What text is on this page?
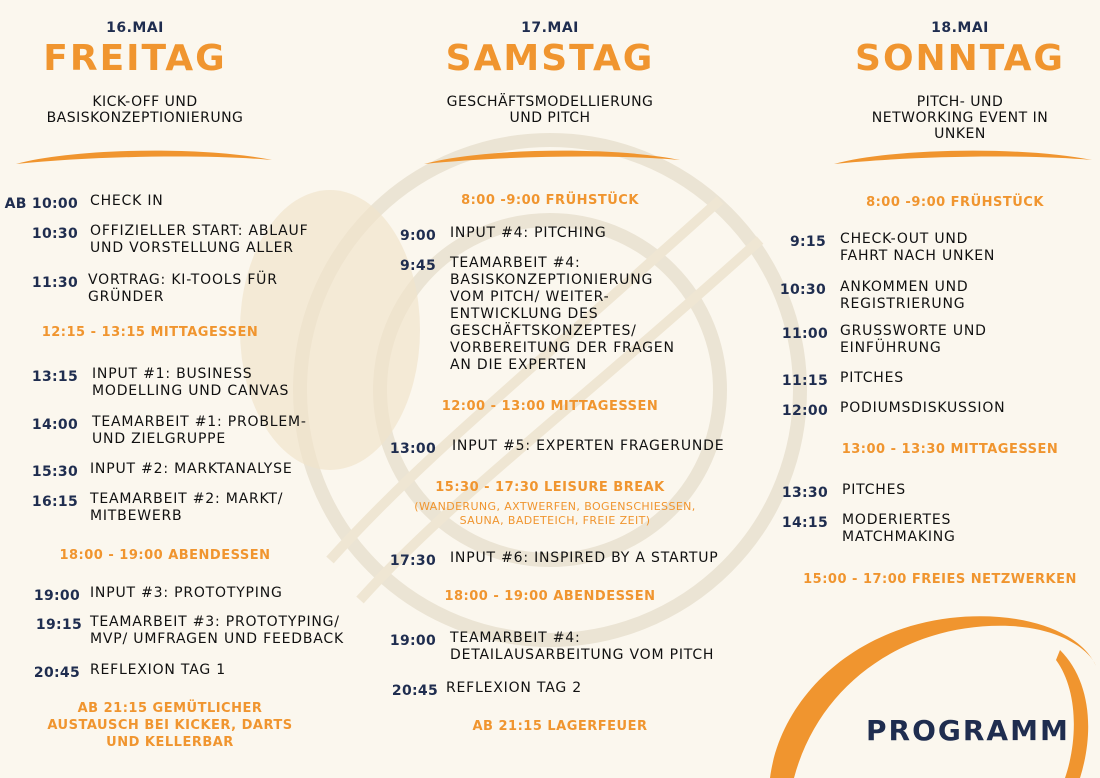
16.MAI
FREITAG
KICK-OFF UND
BASISKONZEPTIONIERUNG
AB 10:00 CHECK IN
10:30 OFFIZIELLER START: ABLAUF
UND VORSTELLUNG ALLER
11:30 VORTRAG: KI-TOOLS FÜR
GRÜNDER
12:15 - 13:15 MITTAGESSEN
13:15 INPUT #1: BUSINESS
MODELLING UND CANVAS
14:00 TEAMARBEIT #1: PROBLEM-
UND ZIELGRUPPE
15:30 INPUT #2: MARKTANALYSE
16:15 TEAMARBEIT #2: MARKT/
MITBEWERB
18:00 - 19:00 ABENDESSEN
19:00 INPUT #3: PROTOTYPING
19:15 TEAMARBEIT #3: PROTOTYPING/
MVP/ UMFRAGEN UND FEEDBACK
20:45 REFLEXION TAG 1
AB 21:15 GEMÜTLICHER
AUSTAUSCH BEI KICKER, DARTS
UND KELLERBAR
17.MAI
SAMSTAG
GESCHÄFTSMODELLIERUNG
UND PITCH
8:00 -9:00 FRÜHSTÜCK
9:00 INPUT #4: PITCHING
9:45 TEAMARBEIT #4:
BASISKONZEPTIONIERUNG
VOM PITCH/ WEITER-
ENTWICKLUNG DES
GESCHÄFTSKONZEPTES/
VORBEREITUNG DER FRAGEN
AN DIE EXPERTEN
12:00 - 13:00 MITTAGESSEN
13:00 INPUT #5: EXPERTEN FRAGERUNDE
15:30 - 17:30 LEISURE BREAK
(WANDERUNG, AXTWERFEN, BOGENSCHIESSEN,
SAUNA, BADETEICH, FREIE ZEIT)
17:30 INPUT #6: INSPIRED BY A STARTUP
18:00 - 19:00 ABENDESSEN
19:00 TEAMARBEIT #4:
DETAILAUSARBEITUNG VOM PITCH
20:45 REFLEXION TAG 2
AB 21:15 LAGERFEUER
18.MAI
SONNTAG
PITCH- UND
NETWORKING EVENT IN
UNKEN
8:00 -9:00 FRÜHSTÜCK
9:15 CHECK-OUT UND
FAHRT NACH UNKEN
10:30 ANKOMMEN UND
REGISTRIERUNG
11:00 GRUSSWORTE UND
EINFÜHRUNG
11:15 PITCHES
12:00 PODIUMSDISKUSSION
13:00 - 13:30 MITTAGESSEN
13:30 PITCHES
14:15 MODERIERTES
MATCHMAKING
15:00 - 17:00 FREIES NETZWERKEN
PROGRAMM
